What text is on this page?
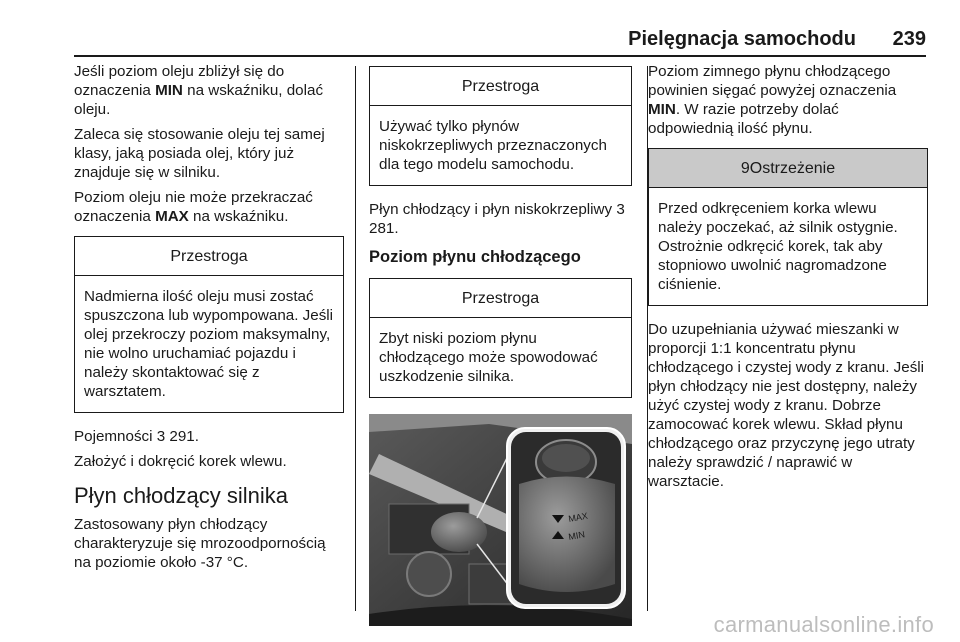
Pielęgnacja samochodu 239

Jeśli poziom oleju zbliżył się do oznaczenia MIN na wskaźniku, dolać oleju.

Zaleca się stosowanie oleju tej samej klasy, jaką posiada olej, który już znajduje się w silniku.

Poziom oleju nie może przekraczać oznaczenia MAX na wskaźniku.

Przestroga
Nadmierna ilość oleju musi zostać spuszczona lub wypompowana. Jeśli olej przekroczy poziom maksymalny, nie wolno uruchamiać pojazdu i należy skontaktować się z warsztatem.

Pojemności 3 291.

Założyć i dokręcić korek wlewu.

Płyn chłodzący silnika

Zastosowany płyn chłodzący charakteryzuje się mrozoodpornością na poziomie około -37 °C.

Przestroga
Używać tylko płynów niskokrzepliwych przeznaczonych dla tego modelu samochodu.

Płyn chłodzący i płyn niskokrzepliwy 3 281.

Poziom płynu chłodzącego
Przestroga
Zbyt niski poziom płynu chłodzącego może spowodować uszkodzenie silnika.
MAX
MIN

Poziom zimnego płynu chłodzącego powinien sięgać powyżej oznaczenia MIN. W razie potrzeby dolać odpowiednią ilość płynu.

9Ostrzeżenie
Przed odkręceniem korka wlewu należy poczekać, aż silnik ostygnie. Ostrożnie odkręcić korek, tak aby stopniowo uwolnić nagromadzone ciśnienie.

Do uzupełniania używać mieszanki w proporcji 1:1 koncentratu płynu chłodzącego i czystej wody z kranu. Jeśli płyn chłodzący nie jest dostępny, należy użyć czystej wody z kranu. Dobrze zamocować korek wlewu. Skład płynu chłodzącego oraz przyczynę jego utraty należy sprawdzić / naprawić w warsztacie.

carmanualsonline.info
